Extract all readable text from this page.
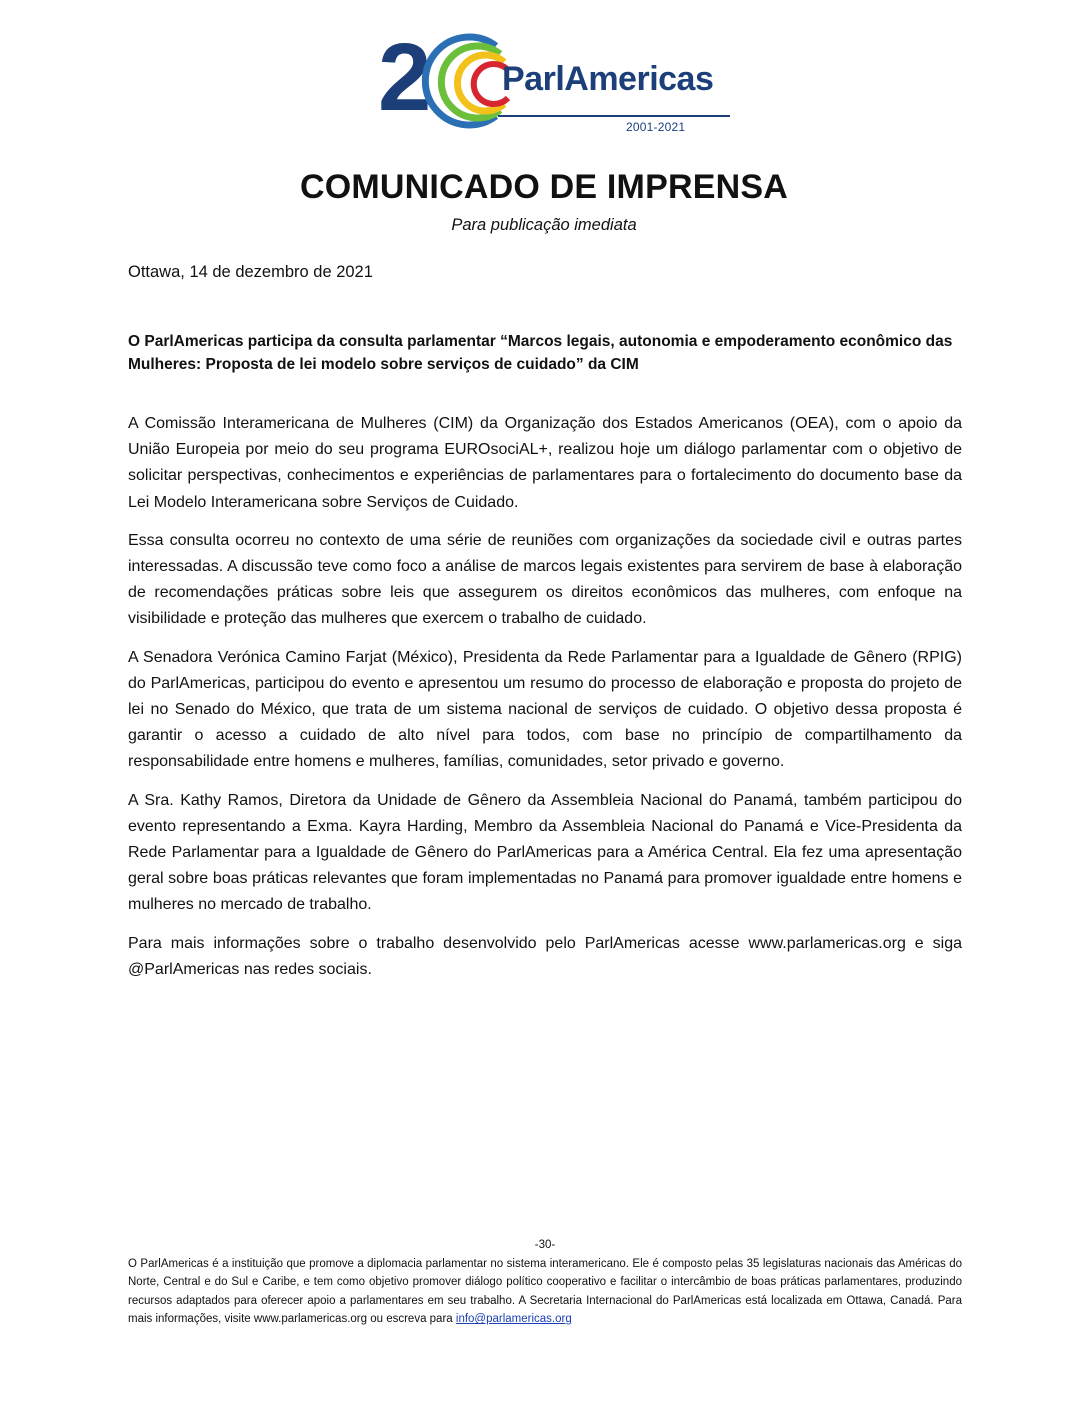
2 ParlAmericas
2001-2021
COMUNICADO DE IMPRENSA
Para publicação imediata
Ottawa, 14 de dezembro de 2021
O ParlAmericas participa da consulta parlamentar “Marcos legais, autonomia e empoderamento econômico das Mulheres: Proposta de lei modelo sobre serviços de cuidado” da CIM

A Comissão Interamericana de Mulheres (CIM) da Organização dos Estados Americanos (OEA), com o apoio da União Europeia por meio do seu programa EUROsociAL+, realizou hoje um diálogo parlamentar com o objetivo de solicitar perspectivas, conhecimentos e experiências de parlamentares para o fortalecimento do documento base da Lei Modelo Interamericana sobre Serviços de Cuidado.

Essa consulta ocorreu no contexto de uma série de reuniões com organizações da sociedade civil e outras partes interessadas. A discussão teve como foco a análise de marcos legais existentes para servirem de base à elaboração de recomendações práticas sobre leis que assegurem os direitos econômicos das mulheres, com enfoque na visibilidade e proteção das mulheres que exercem o trabalho de cuidado.

A Senadora Verónica Camino Farjat (México), Presidenta da Rede Parlamentar para a Igualdade de Gênero (RPIG) do ParlAmericas, participou do evento e apresentou um resumo do processo de elaboração e proposta do projeto de lei no Senado do México, que trata de um sistema nacional de serviços de cuidado. O objetivo dessa proposta é garantir o acesso a cuidado de alto nível para todos, com base no princípio de compartilhamento da responsabilidade entre homens e mulheres, famílias, comunidades, setor privado e governo.

A Sra. Kathy Ramos, Diretora da Unidade de Gênero da Assembleia Nacional do Panamá, também participou do evento representando a Exma. Kayra Harding, Membro da Assembleia Nacional do Panamá e Vice-Presidenta da Rede Parlamentar para a Igualdade de Gênero do ParlAmericas para a América Central. Ela fez uma apresentação geral sobre boas práticas relevantes que foram implementadas no Panamá para promover igualdade entre homens e mulheres no mercado de trabalho.

Para mais informações sobre o trabalho desenvolvido pelo ParlAmericas acesse www.parlamericas.org e siga @ParlAmericas nas redes sociais.

-30-
O ParlAmericas é a instituição que promove a diplomacia parlamentar no sistema interamericano. Ele é composto pelas 35 legislaturas nacionais das Américas do Norte, Central e do Sul e Caribe, e tem como objetivo promover diálogo político cooperativo e facilitar o intercâmbio de boas práticas parlamentares, produzindo recursos adaptados para oferecer apoio a parlamentares em seu trabalho. A Secretaria Internacional do ParlAmericas está localizada em Ottawa, Canadá. Para mais informações, visite www.parlamericas.org ou escreva para info@parlamericas.org
